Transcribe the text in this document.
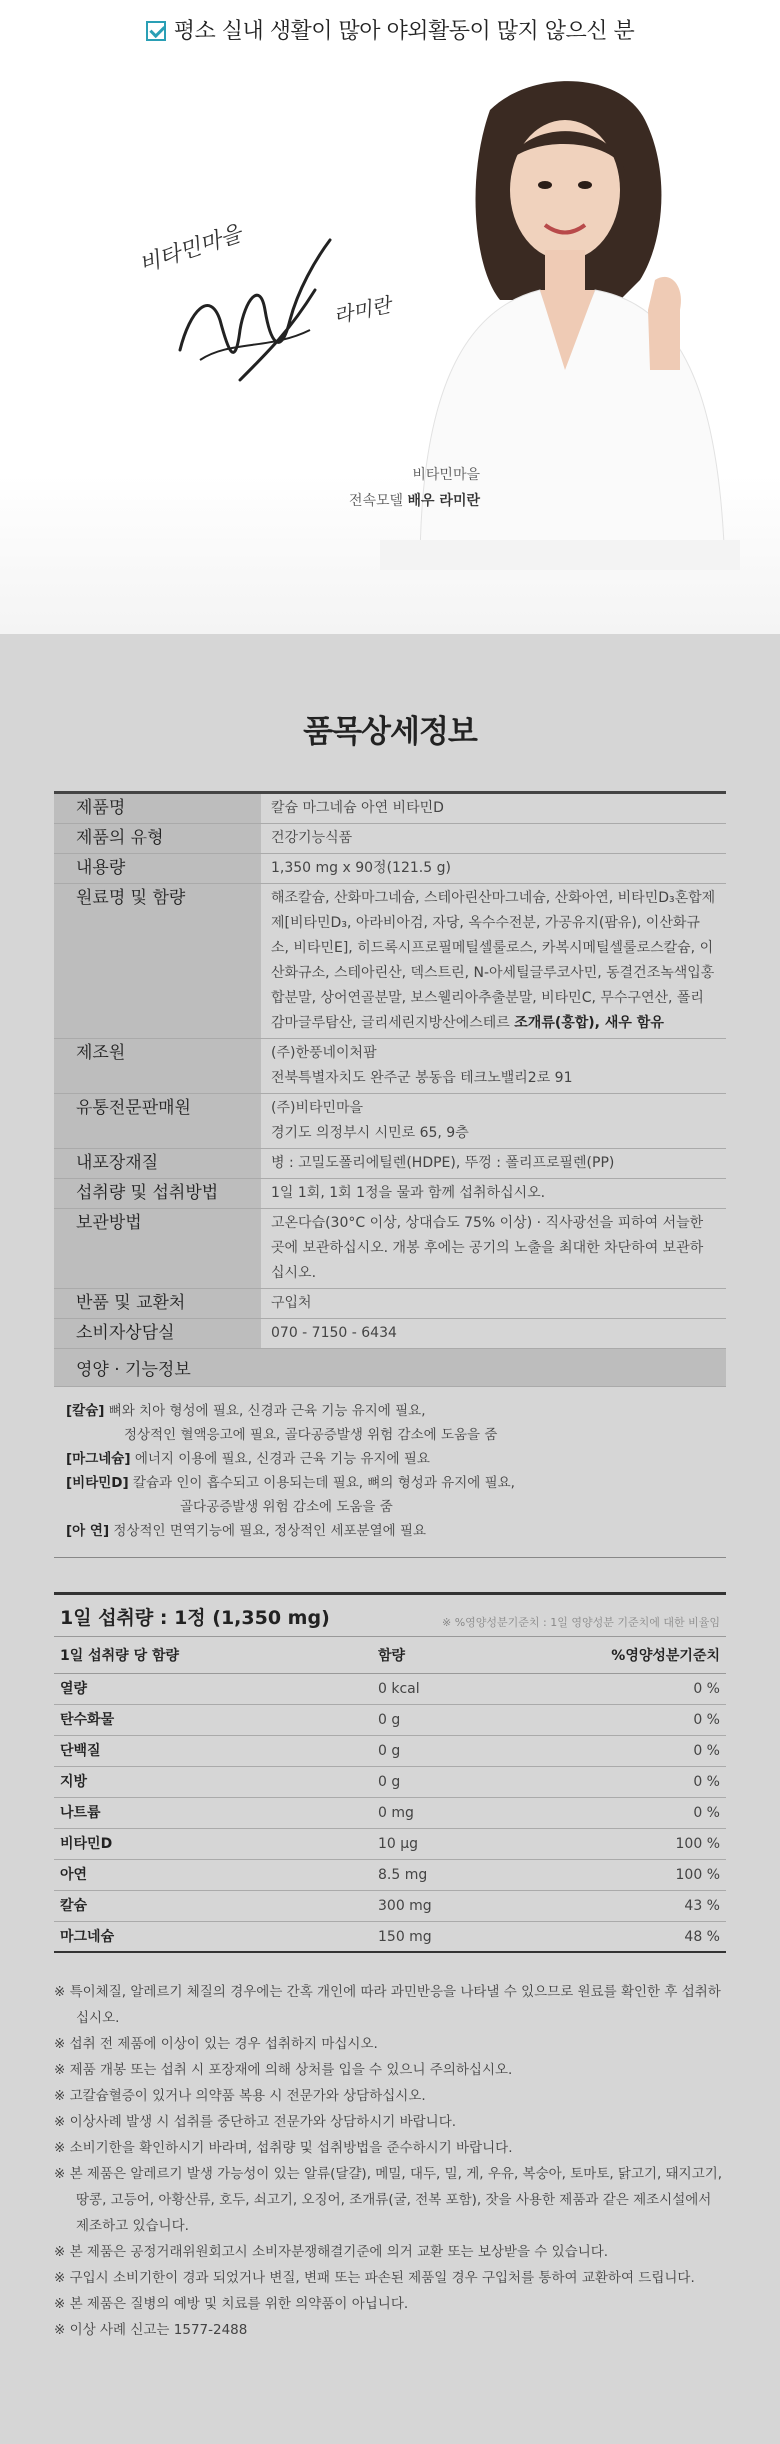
평소 실내 생활이 많아 야외활동이 많지 않으신 분
비타민마을
라미란
비타민마을
전속모델 배우 라미란
품목상세정보
제품명	칼슘 마그네슘 아연 비타민D
제품의 유형	건강기능식품
내용량	1,350 mg x 90정(121.5 g)
원료명 및 함량	해조칼슘, 산화마그네슘, 스테아린산마그네슘, 산화아연, 비타민D₃혼합제제[비타민D₃, 아라비아검, 자당, 옥수수전분, 가공유지(팜유), 이산화규소, 비타민E], 히드록시프로필메틸셀룰로스, 카복시메틸셀룰로스칼슘, 이산화규소, 스테아린산, 덱스트린, N-아세틸글루코사민, 동결건조녹색입홍합분말, 상어연골분말, 보스웰리아추출분말, 비타민C, 무수구연산, 폴리감마글루탐산, 글리세린지방산에스테르 조개류(홍합), 새우 함유
제조원	(주)한풍네이처팜
전북특별자치도 완주군 봉동읍 테크노밸리2로 91

유통전문판매원	(주)비타민마을
경기도 의정부시 시민로 65, 9층

내포장재질	병 : 고밀도폴리에틸렌(HDPE), 뚜껑 : 폴리프로필렌(PP)
섭취량 및 섭취방법	1일 1회, 1회 1정을 물과 함께 섭취하십시오.
보관방법	고온다습(30°C 이상, 상대습도 75% 이상) · 직사광선을 피하여 서늘한 곳에 보관하십시오. 개봉 후에는 공기의 노출을 최대한 차단하여 보관하십시오.
반품 및 교환처	구입처
소비자상담실	070 - 7150 - 6434
영양 · 기능정보
[칼슘] 뼈와 치아 형성에 필요, 신경과 근육 기능 유지에 필요,
정상적인 혈액응고에 필요, 골다공증발생 위험 감소에 도움을 줌
[마그네슘] 에너지 이용에 필요, 신경과 근육 기능 유지에 필요
[비타민D] 칼슘과 인이 흡수되고 이용되는데 필요, 뼈의 형성과 유지에 필요,
골다공증발생 위험 감소에 도움을 줌
[아 연] 정상적인 면역기능에 필요, 정상적인 세포분열에 필요
1일 섭취량 : 1정 (1,350 mg)	※ %영양성분기준치 : 1일 영양성분 기준치에 대한 비율임
1일 섭취량 당 함량	함량	%영양성분기준치
열량	0 kcal	0 %
탄수화물	0 g	0 %
단백질	0 g	0 %
지방	0 g	0 %
나트륨	0 mg	0 %
비타민D	10 µg	100 %
아연	8.5 mg	100 %
칼슘	300 mg	43 %
마그네슘	150 mg	48 %
※ 특이체질, 알레르기 체질의 경우에는 간혹 개인에 따라 과민반응을 나타낼 수 있으므로 원료를 확인한 후 섭취하십시오.
※ 섭취 전 제품에 이상이 있는 경우 섭취하지 마십시오.
※ 제품 개봉 또는 섭취 시 포장재에 의해 상처를 입을 수 있으니 주의하십시오.
※ 고칼슘혈증이 있거나 의약품 복용 시 전문가와 상담하십시오.
※ 이상사례 발생 시 섭취를 중단하고 전문가와 상담하시기 바랍니다.
※ 소비기한을 확인하시기 바라며, 섭취량 및 섭취방법을 준수하시기 바랍니다.
※ 본 제품은 알레르기 발생 가능성이 있는 알류(달걀), 메밀, 대두, 밀, 게, 우유, 복숭아, 토마토, 닭고기, 돼지고기, 땅콩, 고등어, 아황산류, 호두, 쇠고기, 오징어, 조개류(굴, 전복 포함), 잣을 사용한 제품과 같은 제조시설에서 제조하고 있습니다.
※ 본 제품은 공정거래위원회고시 소비자분쟁해결기준에 의거 교환 또는 보상받을 수 있습니다.
※ 구입시 소비기한이 경과 되었거나 변질, 변패 또는 파손된 제품일 경우 구입처를 통하여 교환하여 드립니다.
※ 본 제품은 질병의 예방 및 치료를 위한 의약품이 아닙니다.
※ 이상 사례 신고는 1577-2488
